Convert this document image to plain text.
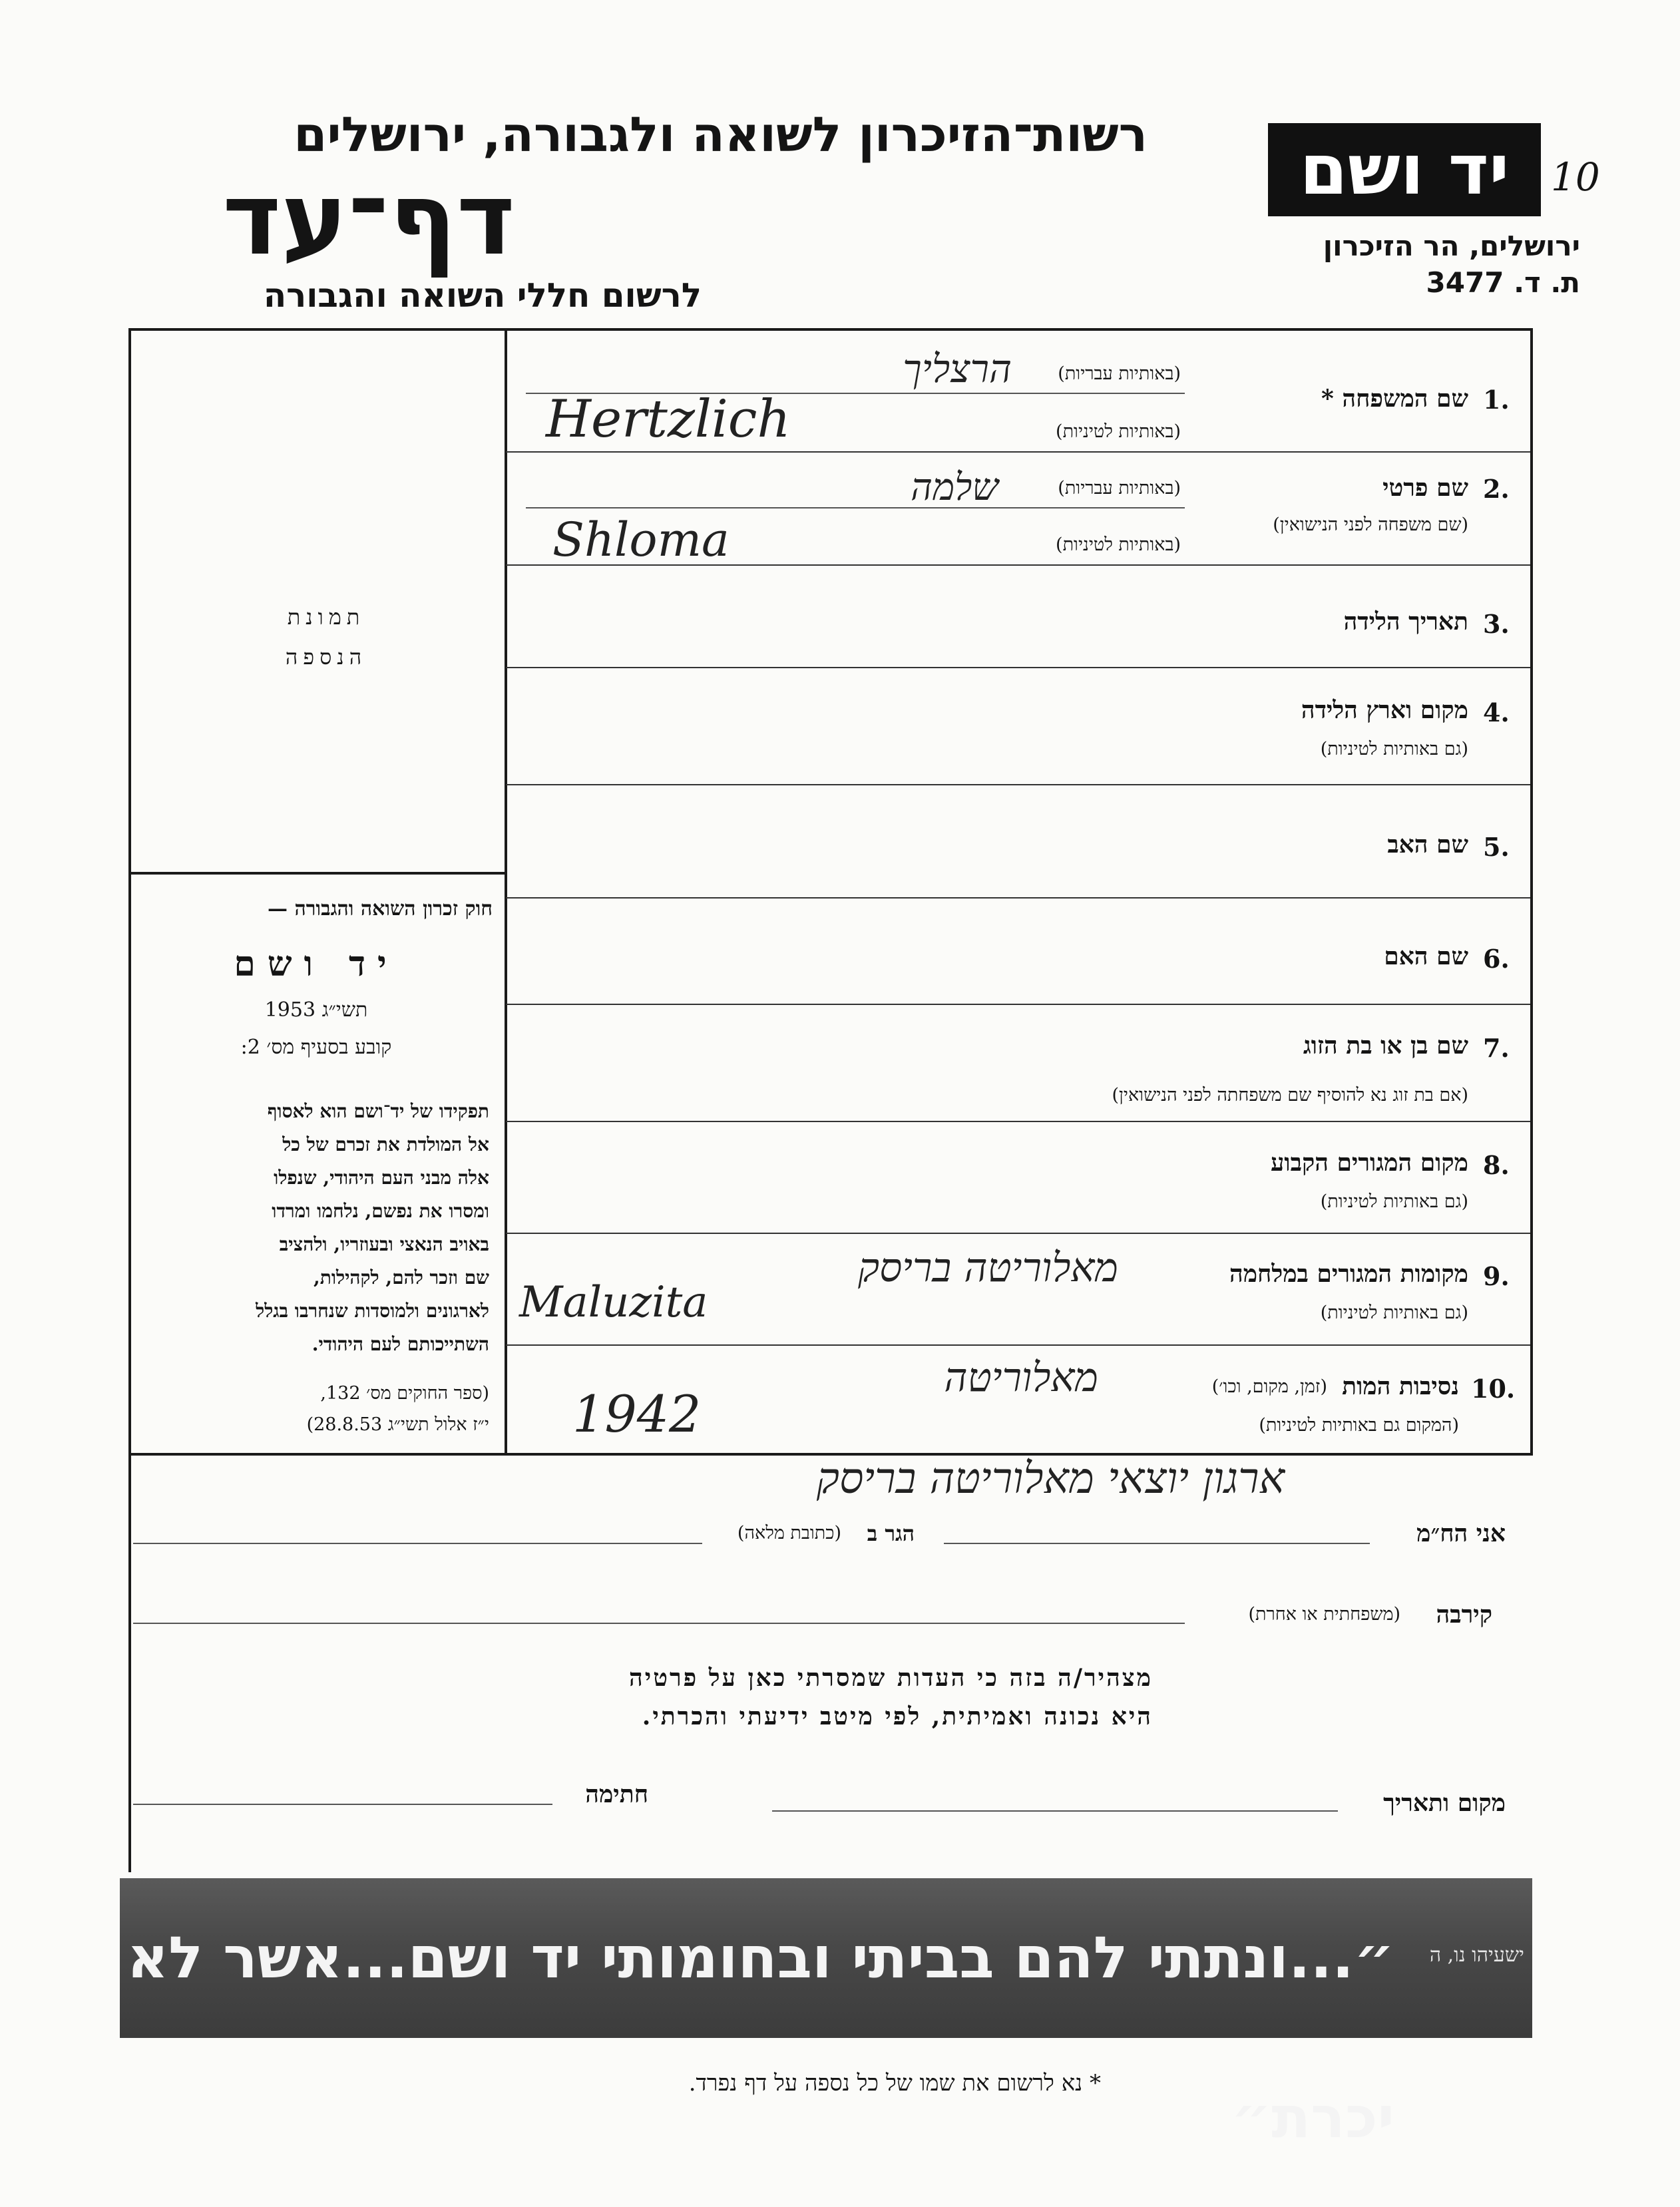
10
יד ושם
ירושלים, הר הזיכרון
ת. ד. 3477
רשות־הזיכרון לשואה ולגבורה, ירושלים
דף־עד
לרשום חללי השואה והגבורה
1.
שם המשפחה *
(באותיות עבריות)
הרצליך
(באותיות לטיניות)
Hertzlich
2.
שם פרטי
(שם משפחה לפני הנישואין)
(באותיות עבריות)
שלמה
(באותיות לטיניות)
Shloma
3.
תאריך הלידה
4.
מקום וארץ הלידה
(גם באותיות לטיניות)
5.
שם האב
6.
שם האם
7.
שם בן או בת הזוג
(אם בת זוג נא להוסיף שם משפחתה לפני הנישואין)
8.
מקום המגורים הקבוע
(גם באותיות לטיניות)
9.
מקומות המגורים במלחמה
(גם באותיות לטיניות)
מאלוריטה בריסק
Maluzita
10.
נסיבות המות
(זמן, מקום, וכו׳)
(המקום גם באותיות לטיניות)
מאלוריטה
1942
תמונת
הנספה
חוק זכרון השואה והגבורה —
יד ושם
תשי״ג 1953
קובע בסעיף מס׳ 2:
תפקידו של יד־ושם הוא לאסוף
אל המולדת את זכרם של כל
אלה מבני העם היהודי, שנפלו
ומסרו את נפשם, נלחמו ומרדו
באויב הנאצי ובעוזריו, ולהציב
שם וזכר להם, לקהילות,
לארגונים ולמוסדות שנחרבו בגלל
השתייכותם לעם היהודי.
(ספר החוקים מס׳ 132,
י״ז אלול תשי״ג 28.8.53)
ארגון יוצאי מאלוריטה בריסק
אני הח״מ
הגר ב
(כתובת מלאה)
קירבה
(משפחתית או אחרת)
מצהיר/ה בזה כי העדות שמסרתי כאן על פרטיה
היא נכונה ואמיתית, לפי מיטב ידיעתי והכרתי.
מקום ותאריך
חתימה
״...ונתתי להם בביתי ובחומותי יד ושם...אשר לא יכרת״
ישעיהו נו, ה
* נא לרשום את שמו של כל נספה על דף נפרד.
